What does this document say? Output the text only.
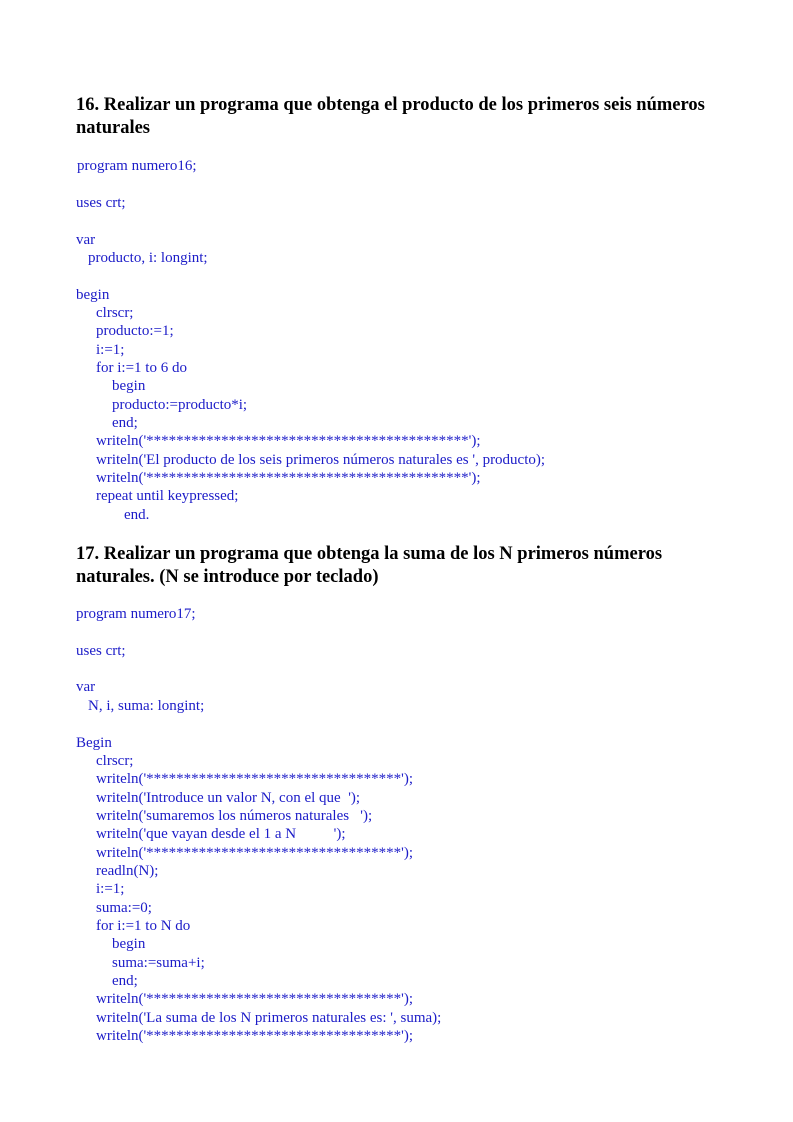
16. Realizar un programa que obtenga el producto de los primeros seis números naturales
program numero16;
uses crt;
var
producto, i: longint;
begin
clrscr;
producto:=1;
i:=1;
for i:=1 to 6 do
begin
producto:=producto*i;
end;
writeln('*******************************************');
writeln('El producto de los seis primeros números naturales es ', producto);
writeln('*******************************************');
repeat until keypressed;
end.
17. Realizar un programa que obtenga la suma de los N primeros números naturales. (N se introduce por teclado)
program numero17;
uses crt;
var
N, i, suma: longint;
Begin
clrscr;
writeln('**********************************');
writeln('Introduce un valor N, con el que  ');
writeln('sumaremos los números naturales   ');
writeln('que vayan desde el 1 a N          ');
writeln('**********************************');
readln(N);
i:=1;
suma:=0;
for i:=1 to N do
begin
suma:=suma+i;
end;
writeln('**********************************');
writeln('La suma de los N primeros naturales es: ', suma);
writeln('**********************************');
